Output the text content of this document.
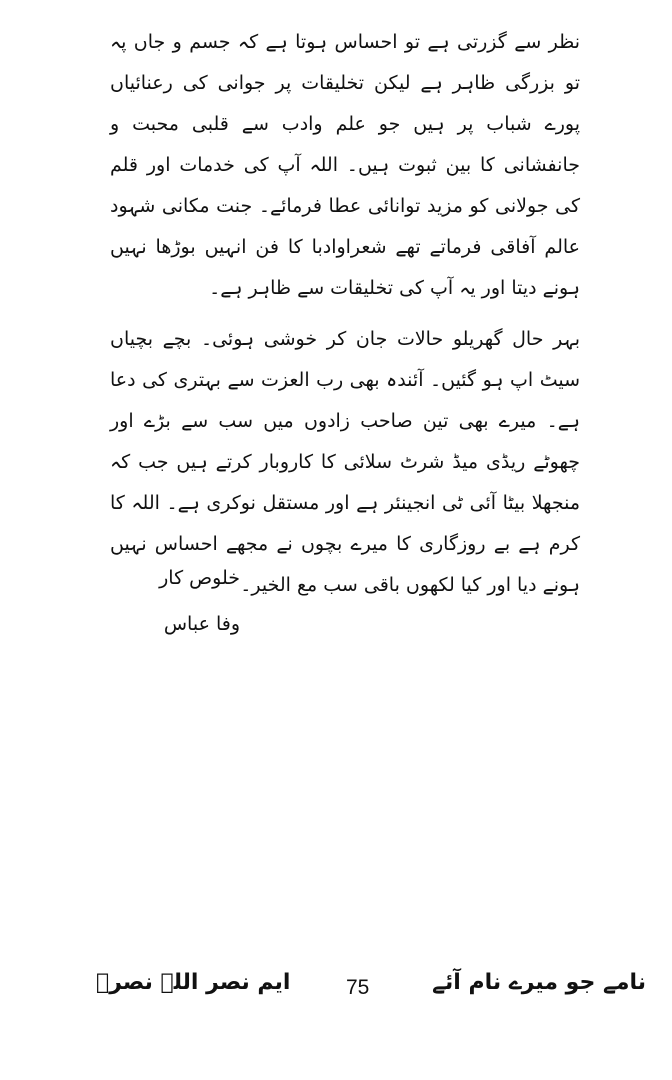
نظر سے گزرتی ہے تو احساس ہوتا ہے کہ جسم و جاں پہ تو بزرگی ظاہر ہے لیکن تخلیقات پر جوانی کی رعنائیاں پورے شباب پر ہیں جو علم وادب سے قلبی محبت و جانفشانی کا بین ثبوت ہیں۔ اللہ آپ کی خدمات اور قلم کی جولانی کو مزید توانائی عطا فرمائے۔ جنت مکانی شہود عالم آفاقی فرماتے تھے شعراوادبا کا فن انہیں بوڑھا نہیں ہونے دیتا اور یہ آپ کی تخلیقات سے ظاہر ہے۔

بہر حال گھریلو حالات جان کر خوشی ہوئی۔ بچے بچیاں سیٹ اپ ہو گئیں۔ آئندہ بھی رب العزت سے بہتری کی دعا ہے۔ میرے بھی تین صاحب زادوں میں سب سے بڑے اور چھوٹے ریڈی میڈ شرٹ سلائی کا کاروبار کرتے ہیں جب کہ منجھلا بیٹا آئی ٹی انجینئر ہے اور مستقل نوکری ہے۔ اللہ کا کرم ہے بے روزگاری کا میرے بچوں نے مجھے احساس نہیں ہونے دیا اور کیا لکھوں باقی سب مع الخیر۔

خلوص کار
وفا عباس
ایم نصر اللہ نصرؔ	75	نامے جو میرے نام آئے
